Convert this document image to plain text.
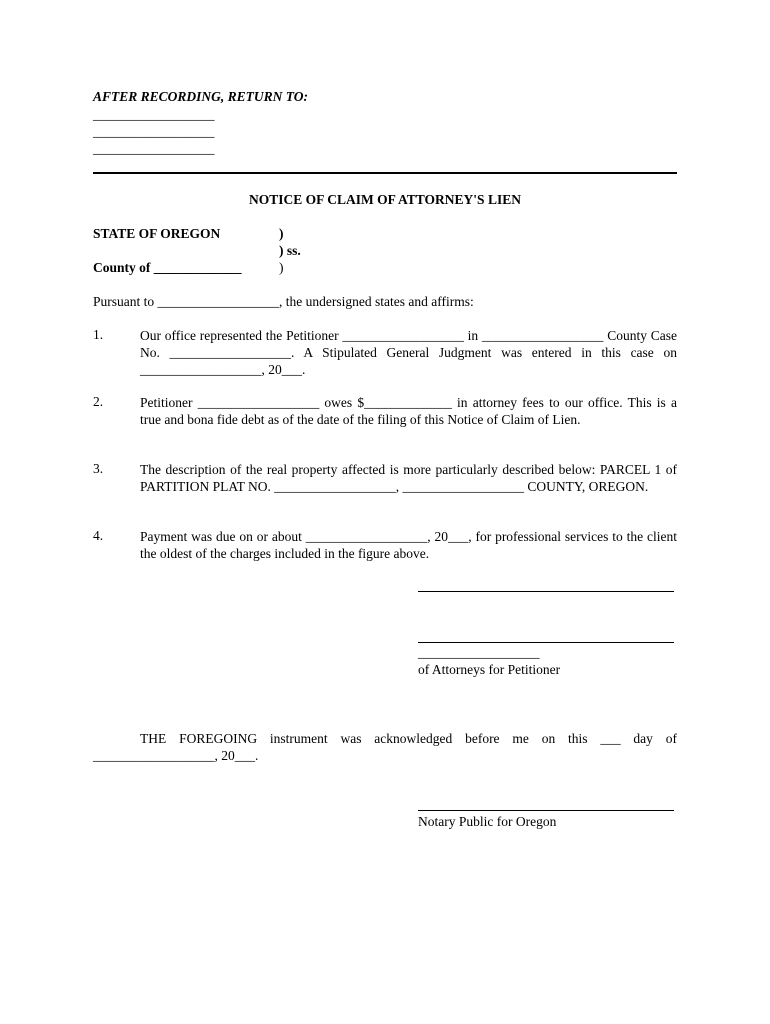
AFTER RECORDING, RETURN TO:
__________________
__________________
__________________
NOTICE OF CLAIM OF ATTORNEY'S LIEN
STATE OF OREGON	)
) ss.
County of _____________	)
Pursuant to __________________, the undersigned states and affirms:
1.	Our office represented the Petitioner __________________ in __________________ County Case No. __________________. A Stipulated General Judgment was entered in this case on __________________, 20___.
2.	Petitioner __________________ owes $_____________ in attorney fees to our office. This is a true and bona fide debt as of the date of the filing of this Notice of Claim of Lien.
3.	The description of the real property affected is more particularly described below: PARCEL 1 of PARTITION PLAT NO. __________________, __________________ COUNTY, OREGON.
4.	Payment was due on or about __________________, 20___, for professional services to the client the oldest of the charges included in the figure above.
__________________
of Attorneys for Petitioner
THE FOREGOING instrument was acknowledged before me on this ___ day of __________________, 20___.
Notary Public for Oregon
